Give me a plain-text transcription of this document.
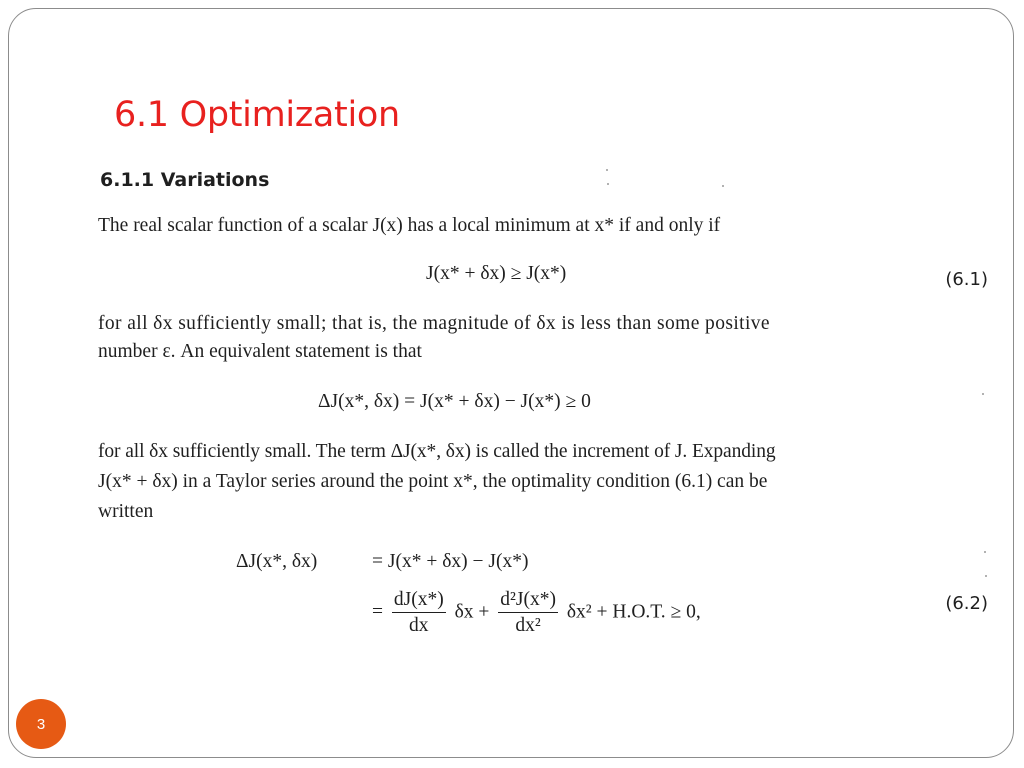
6.1 Optimization
6.1.1 Variations

The real scalar function of a scalar J(x) has a local minimum at x* if and only if

J(x* + δx) ≥ J(x*)	(6.1)

for all δx sufficiently small; that is, the magnitude of δx is less than some positive

number ε. An equivalent statement is that

ΔJ(x*, δx) = J(x* + δx) − J(x*) ≥ 0

for all δx sufficiently small. The term ΔJ(x*, δx) is called the increment of J. Expanding

J(x* + δx) in a Taylor series around the point x*, the optimality condition (6.1) can be

written

ΔJ(x*, δx)	= J(x* + δx) − J(x*)

= $\frac{dJ(x*)}{dx}$ $\delta x + \frac{\text{d²J(x*)}}{\text{dx²}} \delta x^2 + H.O.T$. ≥ 0,	(6.2)

3
